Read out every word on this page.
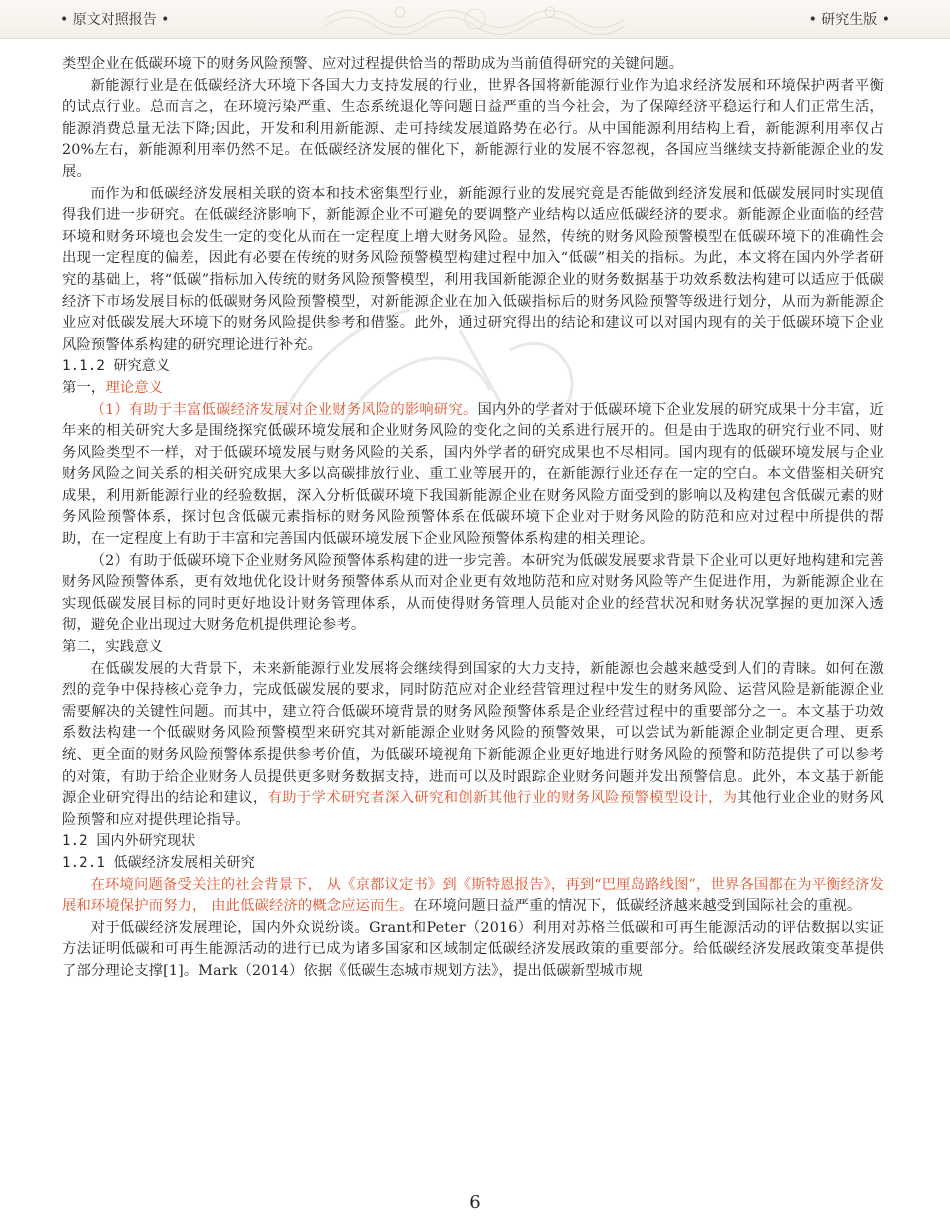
• 原文对照报告 •	• 研究生版 •

类型企业在低碳环境下的财务风险预警、应对过程提供恰当的帮助成为当前值得研究的关键问题。

新能源行业是在低碳经济大环境下各国大力支持发展的行业，世界各国将新能源行业作为追求经济发展和环境保护两者平衡的试点行业。总而言之，在环境污染严重、生态系统退化等问题日益严重的当今社会，为了保障经济平稳运行和人们正常生活，能源消费总量无法下降;因此，开发和利用新能源、走可持续发展道路势在必行。从中国能源利用结构上看，新能源利用率仅占20%左右，新能源利用率仍然不足。在低碳经济发展的催化下，新能源行业的发展不容忽视，各国应当继续支持新能源企业的发展。

而作为和低碳经济发展相关联的资本和技术密集型行业，新能源行业的发展究竟是否能做到经济发展和低碳发展同时实现值得我们进一步研究。在低碳经济影响下，新能源企业不可避免的要调整产业结构以适应低碳经济的要求。新能源企业面临的经营环境和财务环境也会发生一定的变化从而在一定程度上增大财务风险。显然，传统的财务风险预警模型在低碳环境下的准确性会出现一定程度的偏差，因此有必要在传统的财务风险预警模型构建过程中加入“低碳”相关的指标。为此，本文将在国内外学者研究的基础上，将“低碳”指标加入传统的财务风险预警模型，利用我国新能源企业的财务数据基于功效系数法构建可以适应于低碳经济下市场发展目标的低碳财务风险预警模型，对新能源企业在加入低碳指标后的财务风险预警等级进行划分，从而为新能源企业应对低碳发展大环境下的财务风险提供参考和借鉴。此外，通过研究得出的结论和建议可以对国内现有的关于低碳环境下企业风险预警体系构建的研究理论进行补充。

1.1.2 研究意义

第一，理论意义

（1）有助于丰富低碳经济发展对企业财务风险的影响研究。国内外的学者对于低碳环境下企业发展的研究成果十分丰富，近年来的相关研究大多是围绕探究低碳环境发展和企业财务风险的变化之间的关系进行展开的。但是由于选取的研究行业不同、财务风险类型不一样，对于低碳环境发展与财务风险的关系，国内外学者的研究成果也不尽相同。国内现有的低碳环境发展与企业财务风险之间关系的相关研究成果大多以高碳排放行业、重工业等展开的，在新能源行业还存在一定的空白。本文借鉴相关研究成果，利用新能源行业的经验数据，深入分析低碳环境下我国新能源企业在财务风险方面受到的影响以及构建包含低碳元素的财务风险预警体系，探讨包含低碳元素指标的财务风险预警体系在低碳环境下企业对于财务风险的防范和应对过程中所提供的帮助，在一定程度上有助于丰富和完善国内低碳环境发展下企业风险预警体系构建的相关理论。

（2）有助于低碳环境下企业财务风险预警体系构建的进一步完善。本研究为低碳发展要求背景下企业可以更好地构建和完善财务风险预警体系，更有效地优化设计财务预警体系从而对企业更有效地防范和应对财务风险等产生促进作用，为新能源企业在实现低碳发展目标的同时更好地设计财务管理体系，从而使得财务管理人员能对企业的经营状况和财务状况掌握的更加深入透彻，避免企业出现过大财务危机提供理论参考。

第二，实践意义

在低碳发展的大背景下，未来新能源行业发展将会继续得到国家的大力支持，新能源也会越来越受到人们的青睐。如何在激烈的竞争中保持核心竞争力，完成低碳发展的要求，同时防范应对企业经营管理过程中发生的财务风险、运营风险是新能源企业需要解决的关键性问题。而其中，建立符合低碳环境背景的财务风险预警体系是企业经营过程中的重要部分之一。本文基于功效系数法构建一个低碳财务风险预警模型来研究其对新能源企业财务风险的预警效果，可以尝试为新能源企业制定更合理、更系统、更全面的财务风险预警体系提供参考价值，为低碳环境视角下新能源企业更好地进行财务风险的预警和防范提供了可以参考的对策，有助于给企业财务人员提供更多财务数据支持，进而可以及时跟踪企业财务问题并发出预警信息。此外，本文基于新能源企业研究得出的结论和建议，有助于学术研究者深入研究和创新其他行业的财务风险预警模型设计，为其他行业企业的财务风险预警和应对提供理论指导。

1.2 国内外研究现状

1.2.1 低碳经济发展相关研究

在环境问题备受关注的社会背景下， 从《京都议定书》到《斯特恩报告》，再到“巴厘岛路线图”，世界各国都在为平衡经济发展和环境保护而努力， 由此低碳经济的概念应运而生。在环境问题日益严重的情况下，低碳经济越来越受到国际社会的重视。

对于低碳经济发展理论，国内外众说纷谈。Grant和Peter（2016）利用对苏格兰低碳和可再生能源活动的评估数据以实证方法证明低碳和可再生能源活动的进行已成为诸多国家和区域制定低碳经济发展政策的重要部分。给低碳经济发展政策变革提供了部分理论支撑[1]。Mark（2014）依据《低碳生态城市规划方法》，提出低碳新型城市规

6
